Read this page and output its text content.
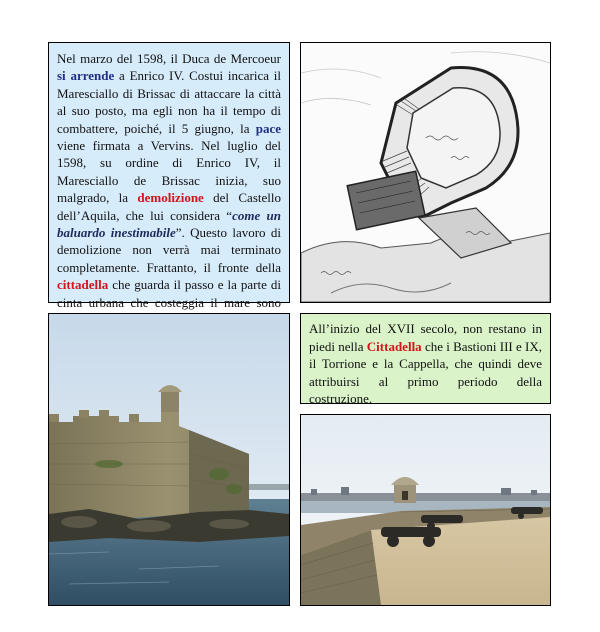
Nel marzo del 1598, il Duca de Mercoeur si arrende a Enrico IV. Costui incarica il Maresciallo di Brissac di attaccare la città al suo posto, ma egli non ha il tempo di combattere, poiché, il 5 giugno, la pace viene firmata a Vervins. Nel luglio del 1598, su ordine di Enrico IV, il Maresciallo de Brissac inizia, suo malgrado, la demolizione del Castello dell’Aquila, che lui considera “come un baluardo inestimabile”. Questo lavoro di demolizione non verrà mai terminato completamente. Frattanto, il fronte della cittadella che guarda il passo e la parte di cinta urbana che costeggia il mare sono
All’inizio del XVII secolo, non restano in piedi nella Cittadella che i Bastioni III e IX, il Torrione e la Cappella, che quindi deve attribuirsi al primo periodo della costruzione.
